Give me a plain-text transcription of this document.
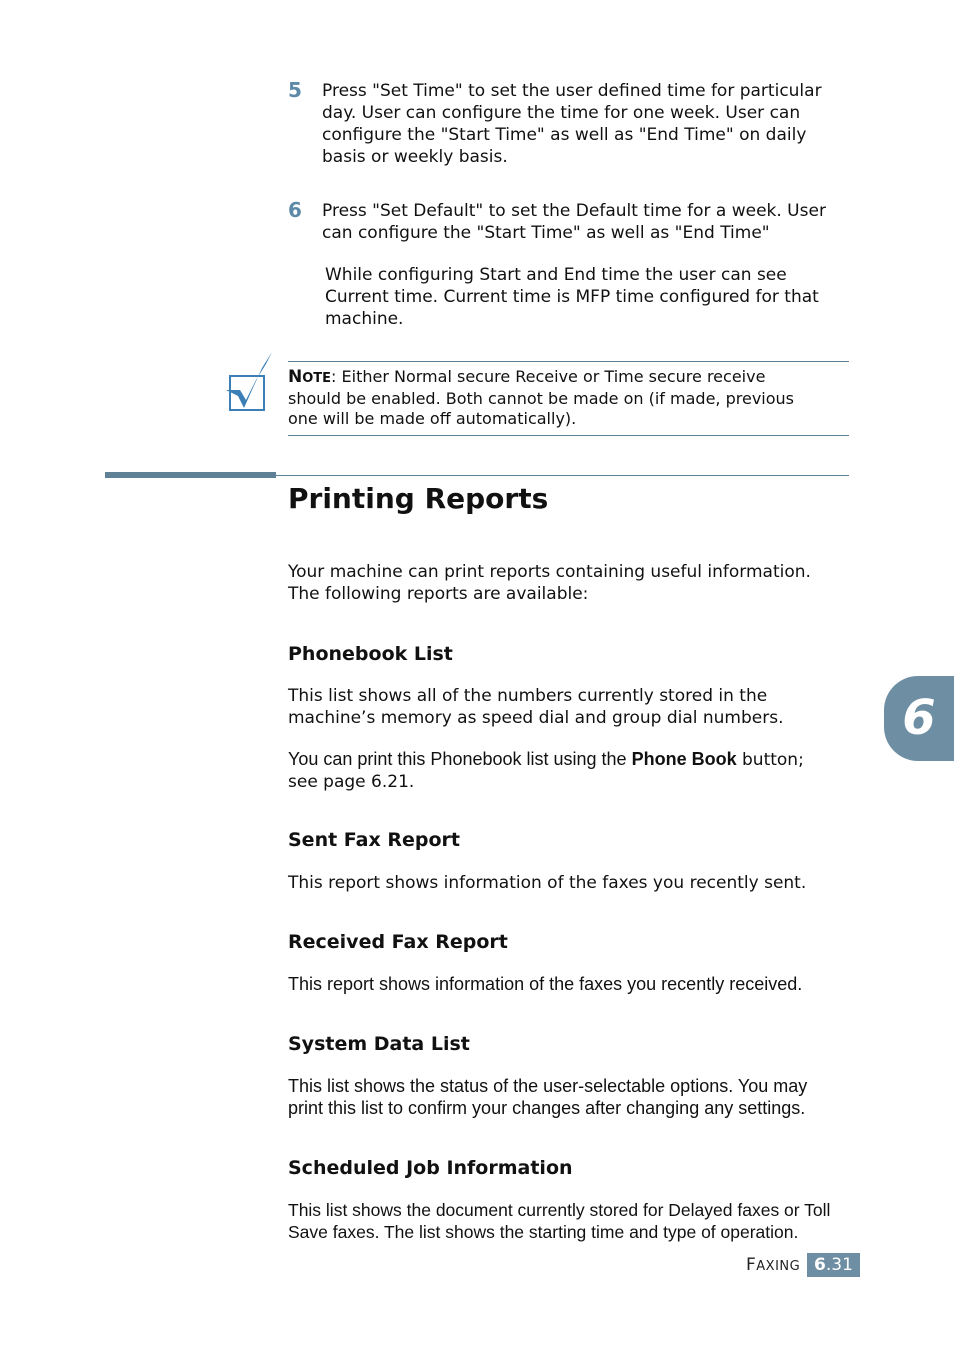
5 Press "Set Time" to set the user defined time for particular
day. User can configure the time for one week. User can
configure the "Start Time" as well as "End Time" on daily
basis or weekly basis.
6 Press "Set Default" to set the Default time for a week. User
can configure the "Start Time" as well as "End Time"
While configuring Start and End time the user can see
Current time. Current time is MFP time configured for that
machine.
NOTE: Either Normal secure Receive or Time secure receive
should be enabled. Both cannot be made on (if made, previous
one will be made off automatically).
Printing Reports
Your machine can print reports containing useful information.
The following reports are available:
Phonebook List
This list shows all of the numbers currently stored in the
machine’s memory as speed dial and group dial numbers.
You can print this Phonebook list using the Phone Book button;
see page 6.21.
Sent Fax Report
This report shows information of the faxes you recently sent.
Received Fax Report
This report shows information of the faxes you recently received.
System Data List
This list shows the status of the user-selectable options. You may
print this list to confirm your changes after changing any settings.
Scheduled Job Information
This list shows the document currently stored for Delayed faxes or Toll
Save faxes. The list shows the starting time and type of operation.
6
FAXING 6.31
